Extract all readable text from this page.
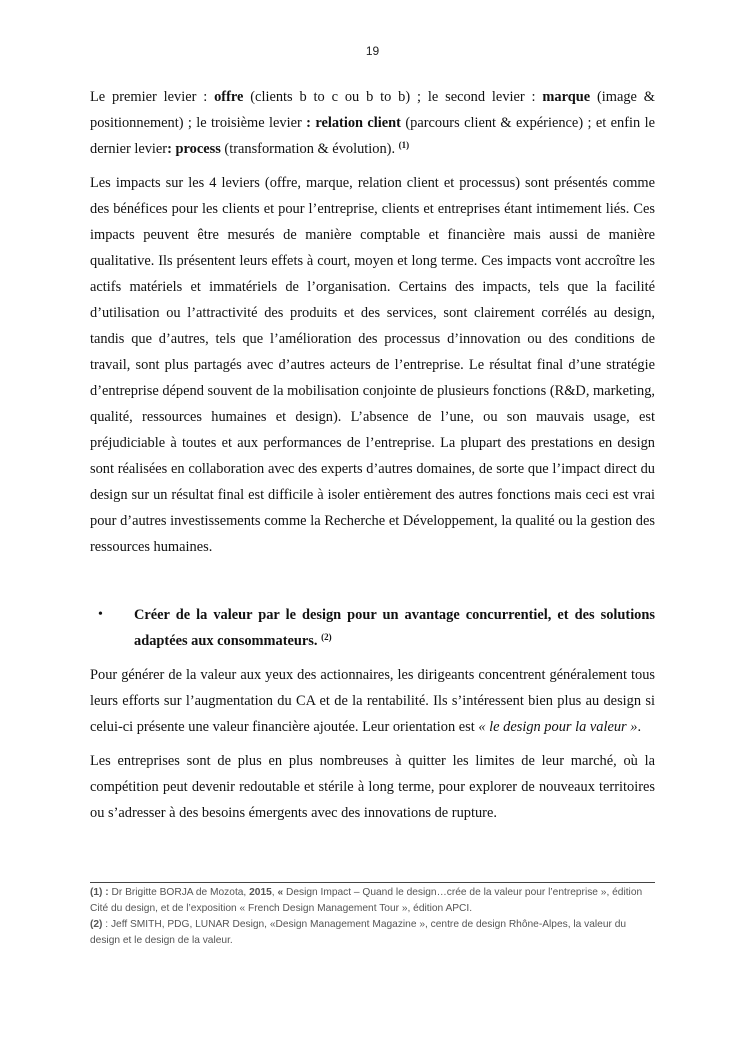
19

Le premier levier : offre (clients b to c ou b to b) ; le second levier : marque (image & positionnement) ; le troisième levier : relation client (parcours client & expérience) ; et enfin le dernier levier: process (transformation & évolution). $^{(1)}$

Les impacts sur les 4 leviers (offre, marque, relation client et processus) sont présentés comme des bénéfices pour les clients et pour l’entreprise, clients et entreprises étant intimement liés. Ces impacts peuvent être mesurés de manière comptable et financière mais aussi de manière qualitative. Ils présentent leurs effets à court, moyen et long terme. Ces impacts vont accroître les actifs matériels et immatériels de l’organisation. Certains des impacts, tels que la facilité d’utilisation ou l’attractivité des produits et des services, sont clairement corrélés au design, tandis que d’autres, tels que l’amélioration des processus d’innovation ou des conditions de travail, sont plus partagés avec d’autres acteurs de l’entreprise. Le résultat final d’une stratégie d’entreprise dépend souvent de la mobilisation conjointe de plusieurs fonctions (R&D, marketing, qualité, ressources humaines et design). L’absence de l’une, ou son mauvais usage, est préjudiciable à toutes et aux performances de l’entreprise. La plupart des prestations en design sont réalisées en collaboration avec des experts d’autres domaines, de sorte que l’impact direct du design sur un résultat final est difficile à isoler entièrement des autres fonctions mais ceci est vrai pour d’autres investissements comme la Recherche et Développement, la qualité ou la gestion des ressources humaines.

•	Créer de la valeur par le design pour un avantage concurrentiel, et des solutions adaptées aux consommateurs. $^{(2)}$

Pour générer de la valeur aux yeux des actionnaires, les dirigeants concentrent généralement tous leurs efforts sur l’augmentation du CA et de la rentabilité. Ils s’intéressent bien plus au design si celui-ci présente une valeur financière ajoutée. Leur orientation est « le design pour la valeur ».

Les entreprises sont de plus en plus nombreuses à quitter les limites de leur marché, où la compétition peut devenir redoutable et stérile à long terme, pour explorer de nouveaux territoires ou s’adresser à des besoins émergents avec des innovations de rupture.

(1) : Dr Brigitte BORJA de Mozota, 2015, « Design Impact – Quand le design…crée de la valeur pour l’entreprise », édition Cité du design, et de l’exposition « French Design Management Tour », édition APCI.
(2) : Jeff SMITH, PDG, LUNAR Design, «Design Management Magazine », centre de design Rhône-Alpes, la valeur du design et le design de la valeur.
